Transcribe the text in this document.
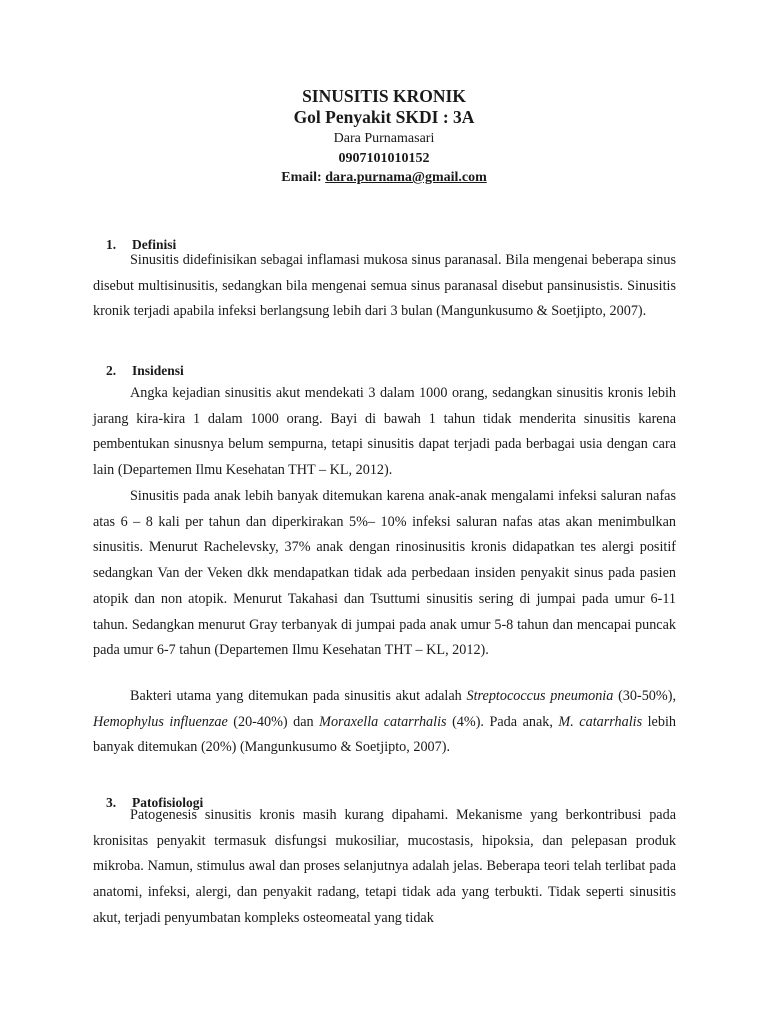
SINUSITIS KRONIK
Gol Penyakit SKDI : 3A
Dara Purnamasari
0907101010152
Email: dara.purnama@gmail.com
1. Definisi

Sinusitis didefinisikan sebagai inflamasi mukosa sinus paranasal. Bila mengenai beberapa sinus disebut multisinusitis, sedangkan bila mengenai semua sinus paranasal disebut pansinusistis. Sinusitis kronik terjadi apabila infeksi berlangsung lebih dari 3 bulan (Mangunkusumo & Soetjipto, 2007).

2. Insidensi

Angka kejadian sinusitis akut mendekati 3 dalam 1000 orang, sedangkan sinusitis kronis lebih jarang kira-kira 1 dalam 1000 orang. Bayi di bawah 1 tahun tidak menderita sinusitis karena pembentukan sinusnya belum sempurna, tetapi sinusitis dapat terjadi pada berbagai usia dengan cara lain (Departemen Ilmu Kesehatan THT – KL, 2012).

Sinusitis pada anak lebih banyak ditemukan karena anak-anak mengalami infeksi saluran nafas atas 6 – 8 kali per tahun dan diperkirakan 5%– 10% infeksi saluran nafas atas akan menimbulkan sinusitis. Menurut Rachelevsky, 37% anak dengan rinosinusitis kronis didapatkan tes alergi positif sedangkan Van der Veken dkk mendapatkan tidak ada perbedaan insiden penyakit sinus pada pasien atopik dan non atopik. Menurut Takahasi dan Tsuttumi sinusitis sering di jumpai pada umur 6-11 tahun. Sedangkan menurut Gray terbanyak di jumpai pada anak umur 5-8 tahun dan mencapai puncak pada umur 6-7 tahun (Departemen Ilmu Kesehatan THT – KL, 2012).

Bakteri utama yang ditemukan pada sinusitis akut adalah Streptococcus pneumonia (30-50%), Hemophylus influenzae (20-40%) dan Moraxella catarrhalis (4%). Pada anak, M. catarrhalis lebih banyak ditemukan (20%) (Mangunkusumo & Soetjipto, 2007).

3. Patofisiologi

Patogenesis sinusitis kronis masih kurang dipahami. Mekanisme yang berkontribusi pada kronisitas penyakit termasuk disfungsi mukosiliar, mucostasis, hipoksia, dan pelepasan produk mikroba. Namun, stimulus awal dan proses selanjutnya adalah jelas. Beberapa teori telah terlibat pada anatomi, infeksi, alergi, dan penyakit radang, tetapi tidak ada yang terbukti. Tidak seperti sinusitis akut, terjadi penyumbatan kompleks osteomeatal yang tidak
